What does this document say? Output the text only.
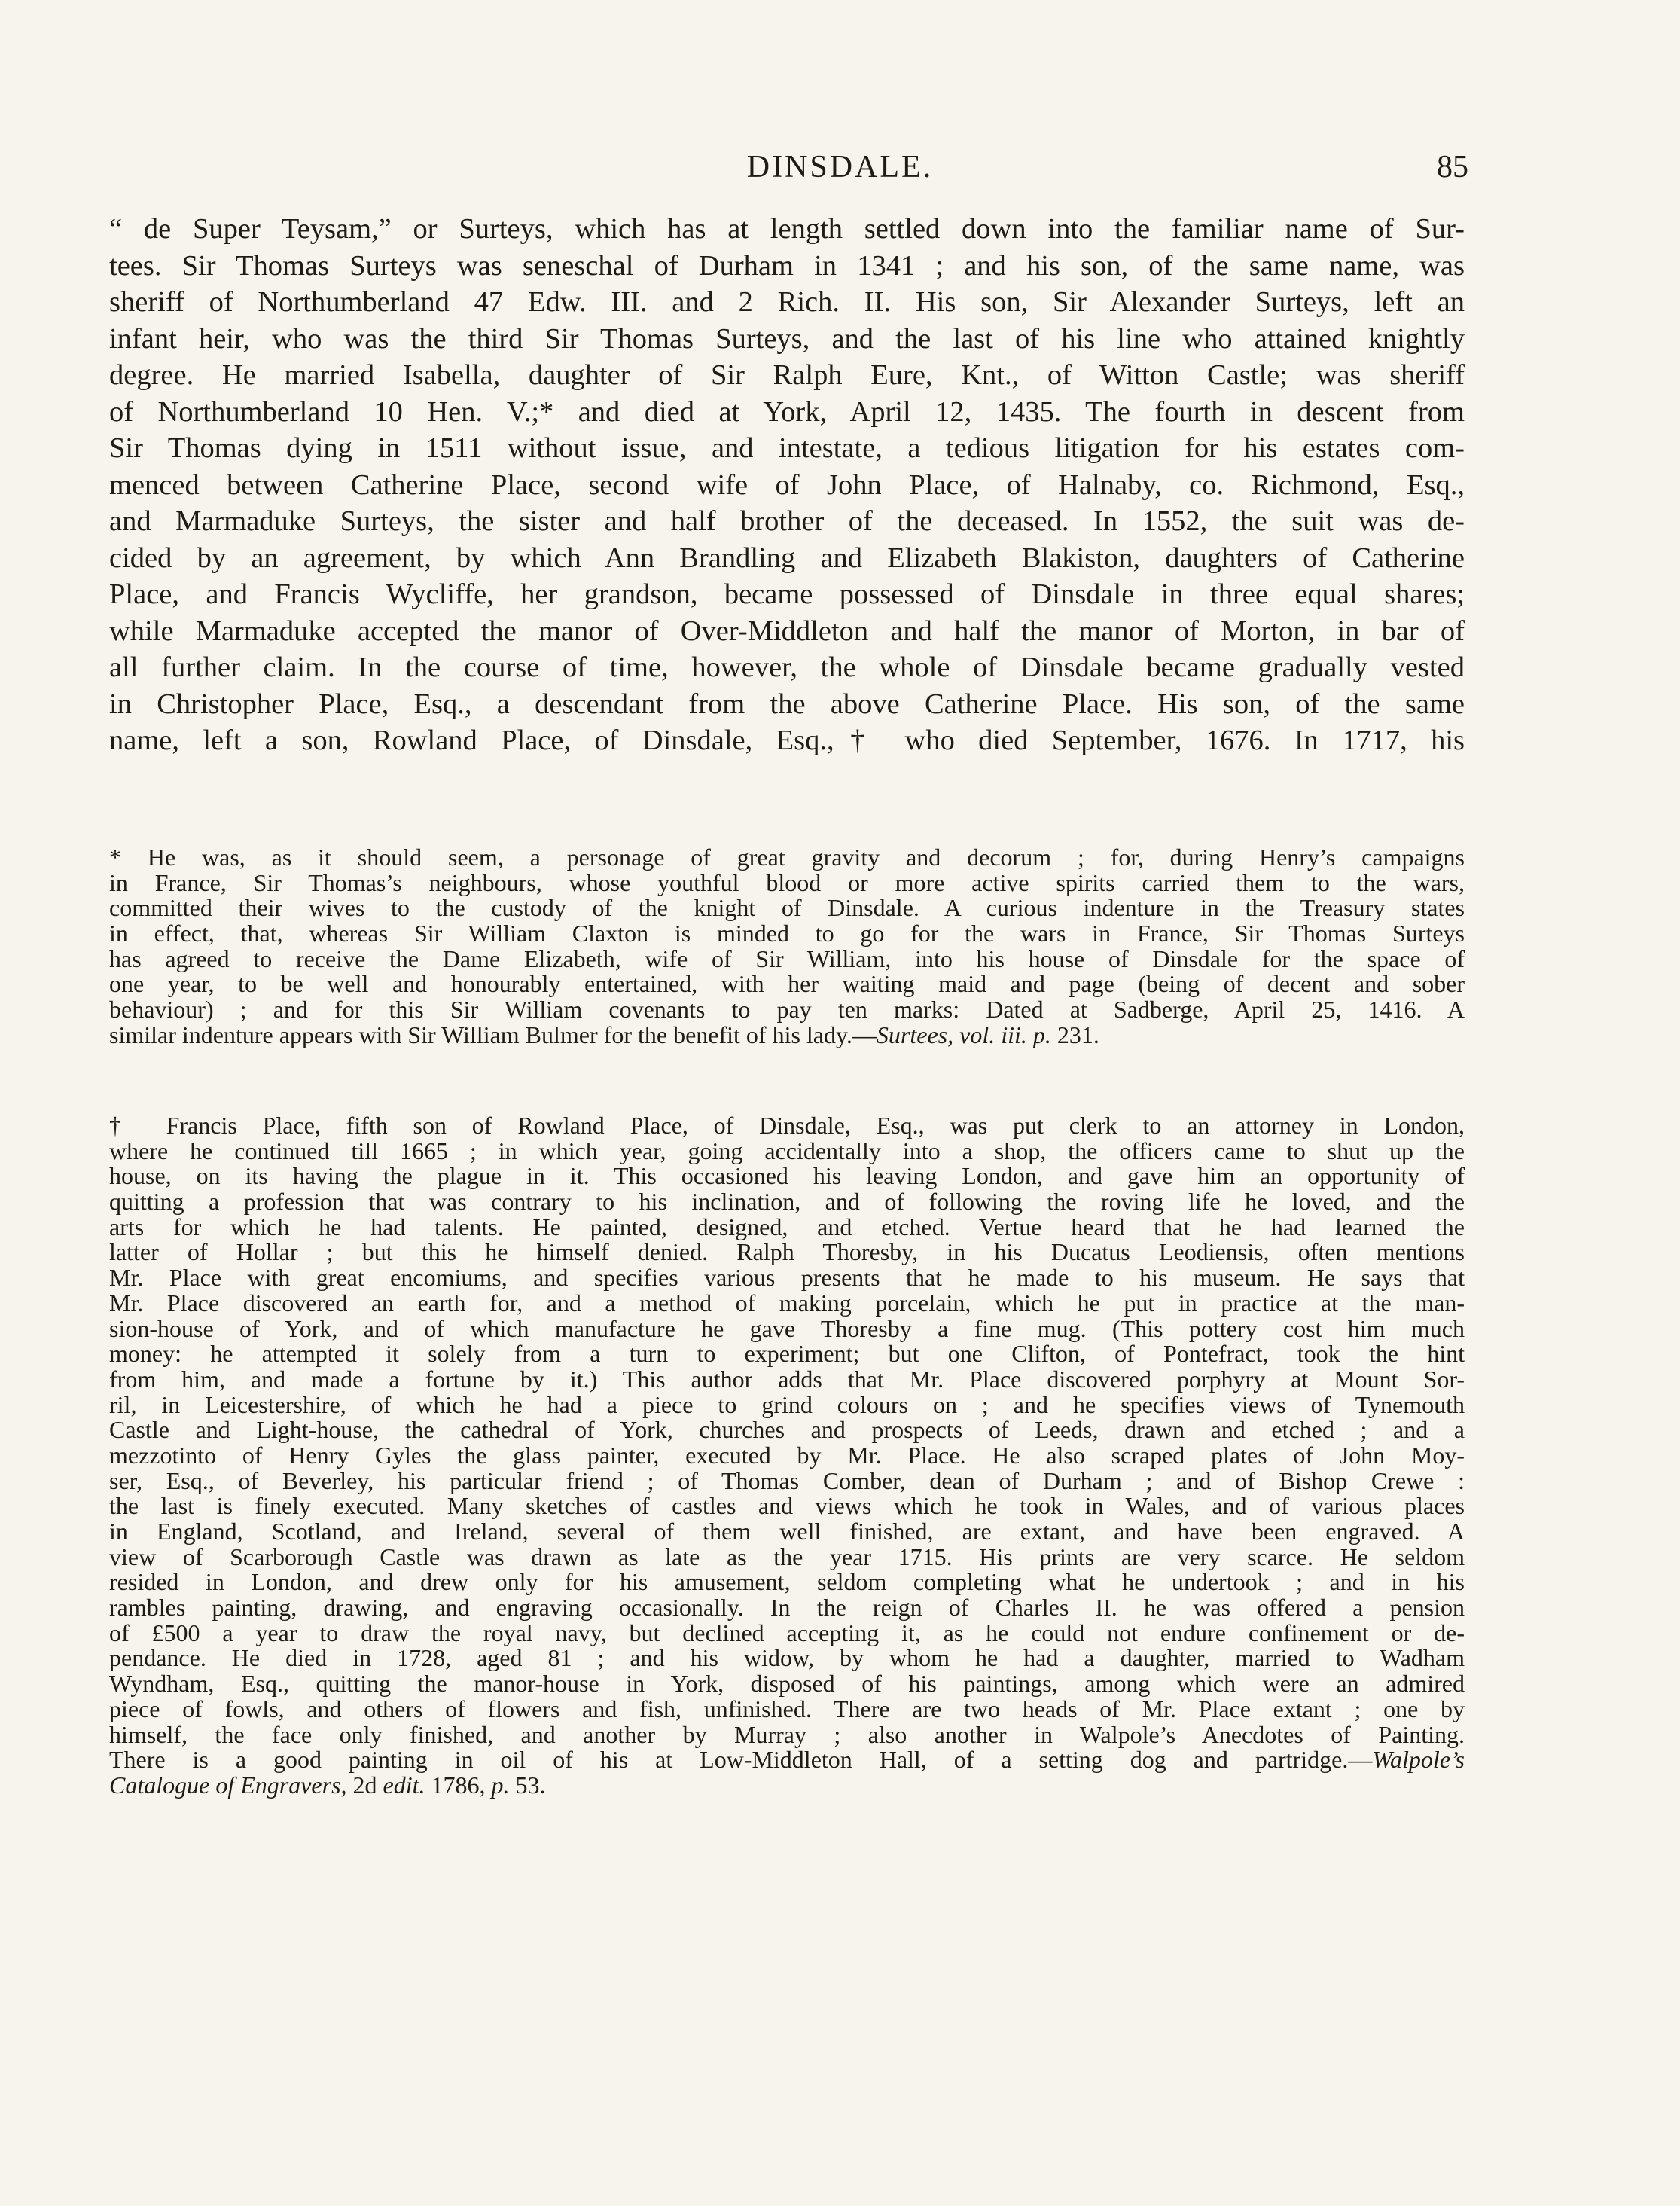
DINSDALE.	85
“ de Super Teysam,” or Surteys, which has at length settled down into the familiar name of Sur-
tees. Sir Thomas Surteys was seneschal of Durham in 1341 ; and his son, of the same name, was
sheriff of Northumberland 47 Edw. III. and 2 Rich. II. His son, Sir Alexander Surteys, left an
infant heir, who was the third Sir Thomas Surteys, and the last of his line who attained knightly
degree. He married Isabella, daughter of Sir Ralph Eure, Knt., of Witton Castle; was sheriff
of Northumberland 10 Hen. V.;* and died at York, April 12, 1435. The fourth in descent from
Sir Thomas dying in 1511 without issue, and intestate, a tedious litigation for his estates com-
menced between Catherine Place, second wife of John Place, of Halnaby, co. Richmond, Esq.,
and Marmaduke Surteys, the sister and half brother of the deceased. In 1552, the suit was de-
cided by an agreement, by which Ann Brandling and Elizabeth Blakiston, daughters of Catherine
Place, and Francis Wycliffe, her grandson, became possessed of Dinsdale in three equal shares;
while Marmaduke accepted the manor of Over-Middleton and half the manor of Morton, in bar of
all further claim. In the course of time, however, the whole of Dinsdale became gradually vested
in Christopher Place, Esq., a descendant from the above Catherine Place. His son, of the same
name, left a son, Rowland Place, of Dinsdale, Esq.,† who died September, 1676. In 1717, his
* He was, as it should seem, a personage of great gravity and decorum ; for, during Henry’s campaigns
in France, Sir Thomas’s neighbours, whose youthful blood or more active spirits carried them to the wars,
committed their wives to the custody of the knight of Dinsdale. A curious indenture in the Treasury states
in effect, that, whereas Sir William Claxton is minded to go for the wars in France, Sir Thomas Surteys
has agreed to receive the Dame Elizabeth, wife of Sir William, into his house of Dinsdale for the space of
one year, to be well and honourably entertained, with her waiting maid and page (being of decent and sober
behaviour) ; and for this Sir William covenants to pay ten marks: Dated at Sadberge, April 25, 1416. A
similar indenture appears with Sir William Bulmer for the benefit of his lady.—Surtees, vol. iii. p. 231.
† Francis Place, fifth son of Rowland Place, of Dinsdale, Esq., was put clerk to an attorney in London,
where he continued till 1665 ; in which year, going accidentally into a shop, the officers came to shut up the
house, on its having the plague in it. This occasioned his leaving London, and gave him an opportunity of
quitting a profession that was contrary to his inclination, and of following the roving life he loved, and the
arts for which he had talents. He painted, designed, and etched. Vertue heard that he had learned the
latter of Hollar ; but this he himself denied. Ralph Thoresby, in his Ducatus Leodiensis, often mentions
Mr. Place with great encomiums, and specifies various presents that he made to his museum. He says that
Mr. Place discovered an earth for, and a method of making porcelain, which he put in practice at the man-
sion-house of York, and of which manufacture he gave Thoresby a fine mug. (This pottery cost him much
money: he attempted it solely from a turn to experiment; but one Clifton, of Pontefract, took the hint
from him, and made a fortune by it.) This author adds that Mr. Place discovered porphyry at Mount Sor-
ril, in Leicestershire, of which he had a piece to grind colours on ; and he specifies views of Tynemouth
Castle and Light-house, the cathedral of York, churches and prospects of Leeds, drawn and etched ; and a
mezzotinto of Henry Gyles the glass painter, executed by Mr. Place. He also scraped plates of John Moy-
ser, Esq., of Beverley, his particular friend ; of Thomas Comber, dean of Durham ; and of Bishop Crewe :
the last is finely executed. Many sketches of castles and views which he took in Wales, and of various places
in England, Scotland, and Ireland, several of them well finished, are extant, and have been engraved. A
view of Scarborough Castle was drawn as late as the year 1715. His prints are very scarce. He seldom
resided in London, and drew only for his amusement, seldom completing what he undertook ; and in his
rambles painting, drawing, and engraving occasionally. In the reign of Charles II. he was offered a pension
of £500 a year to draw the royal navy, but declined accepting it, as he could not endure confinement or de-
pendance. He died in 1728, aged 81 ; and his widow, by whom he had a daughter, married to Wadham
Wyndham, Esq., quitting the manor-house in York, disposed of his paintings, among which were an admired
piece of fowls, and others of flowers and fish, unfinished. There are two heads of Mr. Place extant ; one by
himself, the face only finished, and another by Murray ; also another in Walpole’s Anecdotes of Painting.
There is a good painting in oil of his at Low-Middleton Hall, of a setting dog and partridge.—Walpole’s
Catalogue of Engravers, 2d edit. 1786, p. 53.
